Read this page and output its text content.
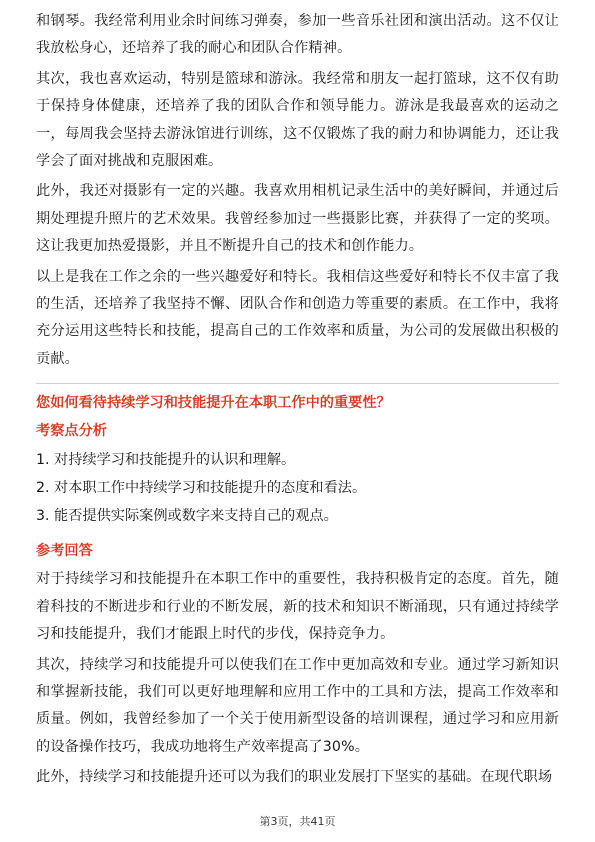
和钢琴。我经常利用业余时间练习弹奏，参加一些音乐社团和演出活动。这不仅让我放松身心，还培养了我的耐心和团队合作精神。

其次，我也喜欢运动，特别是篮球和游泳。我经常和朋友一起打篮球，这不仅有助于保持身体健康，还培养了我的团队合作和领导能力。游泳是我最喜欢的运动之一，每周我会坚持去游泳馆进行训练，这不仅锻炼了我的耐力和协调能力，还让我学会了面对挑战和克服困难。

此外，我还对摄影有一定的兴趣。我喜欢用相机记录生活中的美好瞬间，并通过后期处理提升照片的艺术效果。我曾经参加过一些摄影比赛，并获得了一定的奖项。这让我更加热爱摄影，并且不断提升自己的技术和创作能力。

以上是我在工作之余的一些兴趣爱好和特长。我相信这些爱好和特长不仅丰富了我的生活，还培养了我坚持不懈、团队合作和创造力等重要的素质。在工作中，我将充分运用这些特长和技能，提高自己的工作效率和质量，为公司的发展做出积极的贡献。

您如何看待持续学习和技能提升在本职工作中的重要性？
考察点分析

1. 对持续学习和技能提升的认识和理解。

2. 对本职工作中持续学习和技能提升的态度和看法。

3. 能否提供实际案例或数字来支持自己的观点。

参考回答

对于持续学习和技能提升在本职工作中的重要性，我持积极肯定的态度。首先，随着科技的不断进步和行业的不断发展，新的技术和知识不断涌现，只有通过持续学习和技能提升，我们才能跟上时代的步伐，保持竞争力。

其次，持续学习和技能提升可以使我们在工作中更加高效和专业。通过学习新知识和掌握新技能，我们可以更好地理解和应用工作中的工具和方法，提高工作效率和质量。例如，我曾经参加了一个关于使用新型设备的培训课程，通过学习和应用新的设备操作技巧，我成功地将生产效率提高了30%。

此外，持续学习和技能提升还可以为我们的职业发展打下坚实的基础。在现代职场

第3页，共41页
